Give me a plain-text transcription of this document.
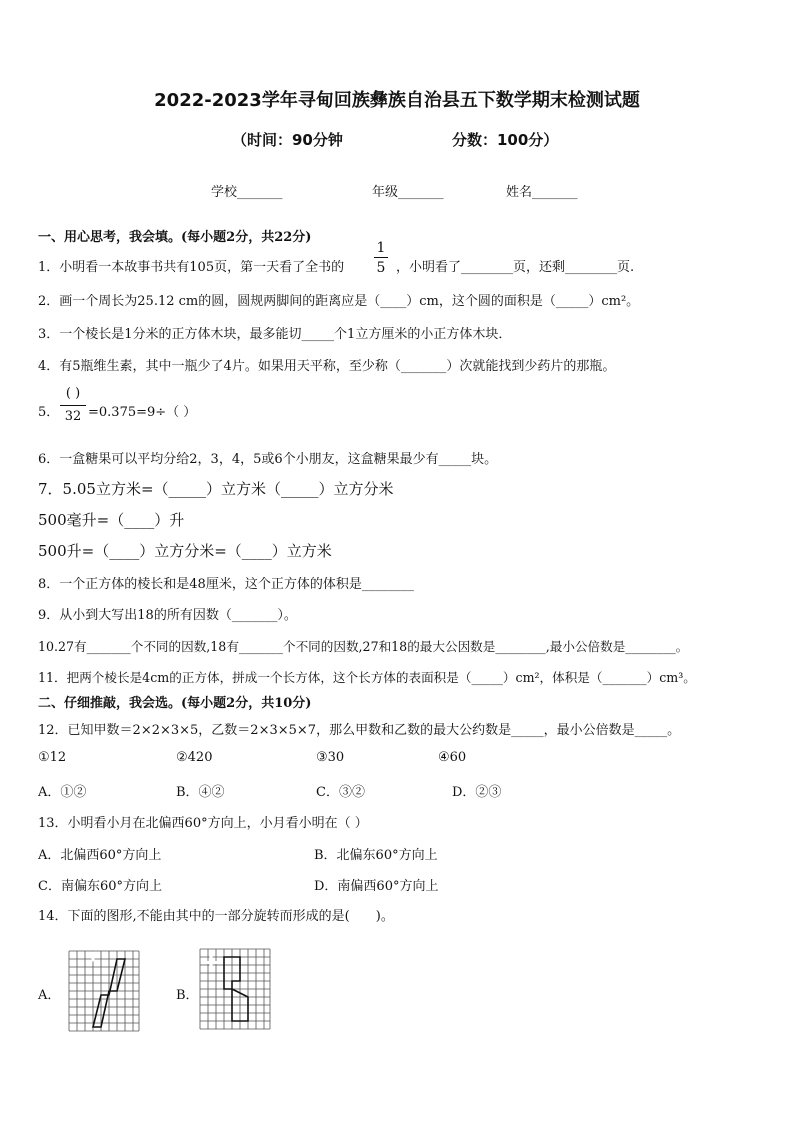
2022-2023学年寻甸回族彝族自治县五下数学期末检测试题
（时间：90分钟	分数：100分）
学校_______	年级_______	姓名_______
一、用心思考，我会填。(每小题2分，共22分)
1．小明看一本故事书共有105页，第一天看了全书的 $\frac{1}{5}$ ，小明看了________页，还剩________页.
2．画一个周长为25.12 cm的圆，圆规两脚间的距离应是（____）cm，这个圆的面积是（_____）cm²。
3．一个棱长是1分米的正方体木块，最多能切_____个1立方厘米的小正方体木块．
4．有5瓶维生素，其中一瓶少了4片。如果用天平称，至少称（_______）次就能找到少药片的那瓶。
5．
( )
32 =0.375=9÷（ ）
6．一盒糖果可以平均分给2，3，4，5或6个小朋友，这盒糖果最少有_____块。
7．5.05立方米=（_____）立方米（_____）立方分米
500毫升=（____）升
500升=（____）立方分米=（____）立方米
8．一个正方体的棱长和是48厘米，这个正方体的体积是________
9．从小到大写出18的所有因数（_______）。
10.27有_______个不同的因数,18有_______个不同的因数,27和18的最大公因数是________,最小公倍数是________。
11．把两个棱长是4cm的正方体，拼成一个长方体，这个长方体的表面积是（_____）cm²，体积是（_______）cm³。
二、仔细推敲，我会选。(每小题2分，共10分)
12．已知甲数＝2×2×3×5，乙数＝2×3×5×7，那么甲数和乙数的最大公约数是_____，最小公倍数是_____。
①12	②420	③30	④60
A．①②	B．④②	C．③②	D．②③
13．小明看小月在北偏西60°方向上，小月看小明在（ ）
A．北偏西60°方向上	B．北偏东60°方向上
C．南偏东60°方向上	D．南偏西60°方向上
14．下面的图形,不能由其中的一部分旋转而形成的是(　　)。
A．	B．
